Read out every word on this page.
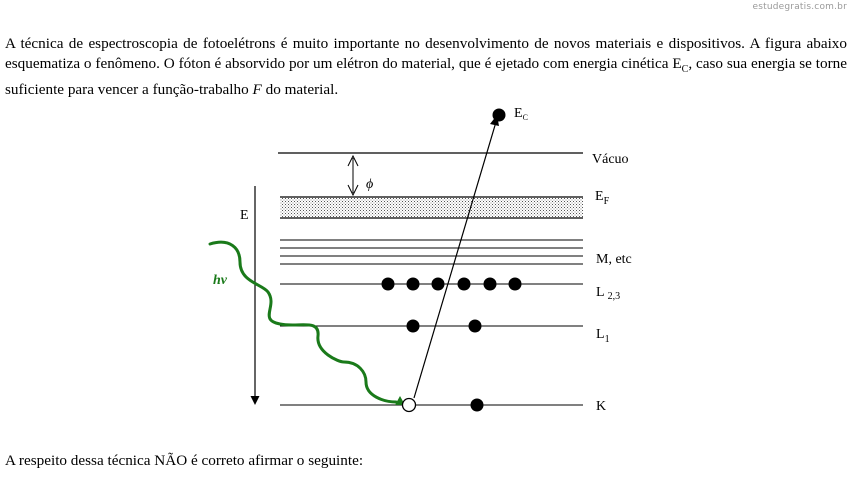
estudegratis.com.br

A técnica de espectroscopia de fotoelétrons é muito importante no desenvolvimento de novos materiais e dispositivos. A figura abaixo esquematiza o fenômeno. O fóton é absorvido por um elétron do material, que é ejetado com energia cinética $E_C$, caso sua energia se torne suficiente para vencer a função-trabalho F do material.

Vácuo
ϕ
$E_F$
M, etc
L $_{2,3}$
$L_1$
K
E
hν
$E_C$
A respeito dessa técnica NÃO é correto afirmar o seguinte:
